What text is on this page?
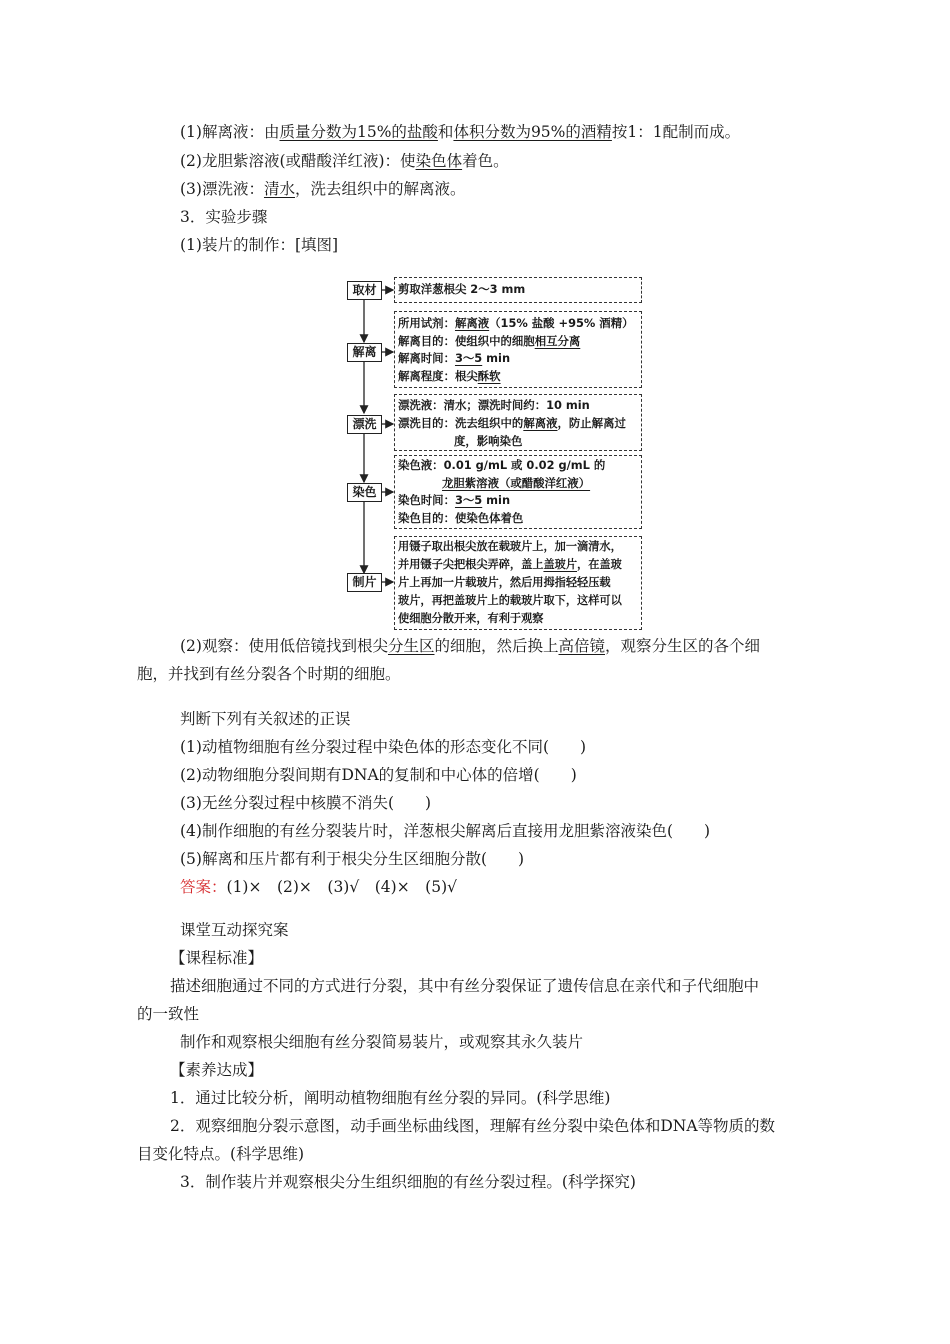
(1)解离液：由质量分数为15%的盐酸和体积分数为95%的酒精按1：1配制而成。
(2)龙胆紫溶液(或醋酸洋红液)：使染色体着色。
(3)漂洗液：清水，洗去组织中的解离液。
3．实验步骤
(1)装片的制作：[填图]
取材
解离
漂洗
染色
制片
剪取洋葱根尖 2～3 mm
所用试剂：解离液（15% 盐酸 +95% 酒精）
解离目的：使组织中的细胞相互分离
解离时间：3～5 min
解离程度：根尖酥软
漂洗液：清水；漂洗时间约：10 min
漂洗目的：洗去组织中的解离液，防止解离过
度，影响染色
染色液：0.01 g/mL 或 0.02 g/mL 的
龙胆紫溶液（或醋酸洋红液）
染色时间：3～5 min
染色目的：使染色体着色
用镊子取出根尖放在载玻片上，加一滴清水，
并用镊子尖把根尖弄碎，盖上盖玻片，在盖玻
片上再加一片载玻片，然后用拇指轻轻压载
玻片，再把盖玻片上的载玻片取下，这样可以
使细胞分散开来，有利于观察
(2)观察：使用低倍镜找到根尖分生区的细胞，然后换上高倍镜，观察分生区的各个细
胞，并找到有丝分裂各个时期的细胞。
判断下列有关叙述的正误
(1)动植物细胞有丝分裂过程中染色体的形态变化不同(　　)
(2)动物细胞分裂间期有DNA的复制和中心体的倍增(　　)
(3)无丝分裂过程中核膜不消失(　　)
(4)制作细胞的有丝分裂装片时，洋葱根尖解离后直接用龙胆紫溶液染色(　　)
(5)解离和压片都有利于根尖分生区细胞分散(　　)
答案：(1)×　(2)×　(3)√　(4)×　(5)√
课堂互动探究案
【课程标准】
描述细胞通过不同的方式进行分裂，其中有丝分裂保证了遗传信息在亲代和子代细胞中
的一致性
制作和观察根尖细胞有丝分裂简易装片，或观察其永久装片
【素养达成】
1．通过比较分析，阐明动植物细胞有丝分裂的异同。(科学思维)
2．观察细胞分裂示意图，动手画坐标曲线图，理解有丝分裂中染色体和DNA等物质的数
目变化特点。(科学思维)
3．制作装片并观察根尖分生组织细胞的有丝分裂过程。(科学探究)
